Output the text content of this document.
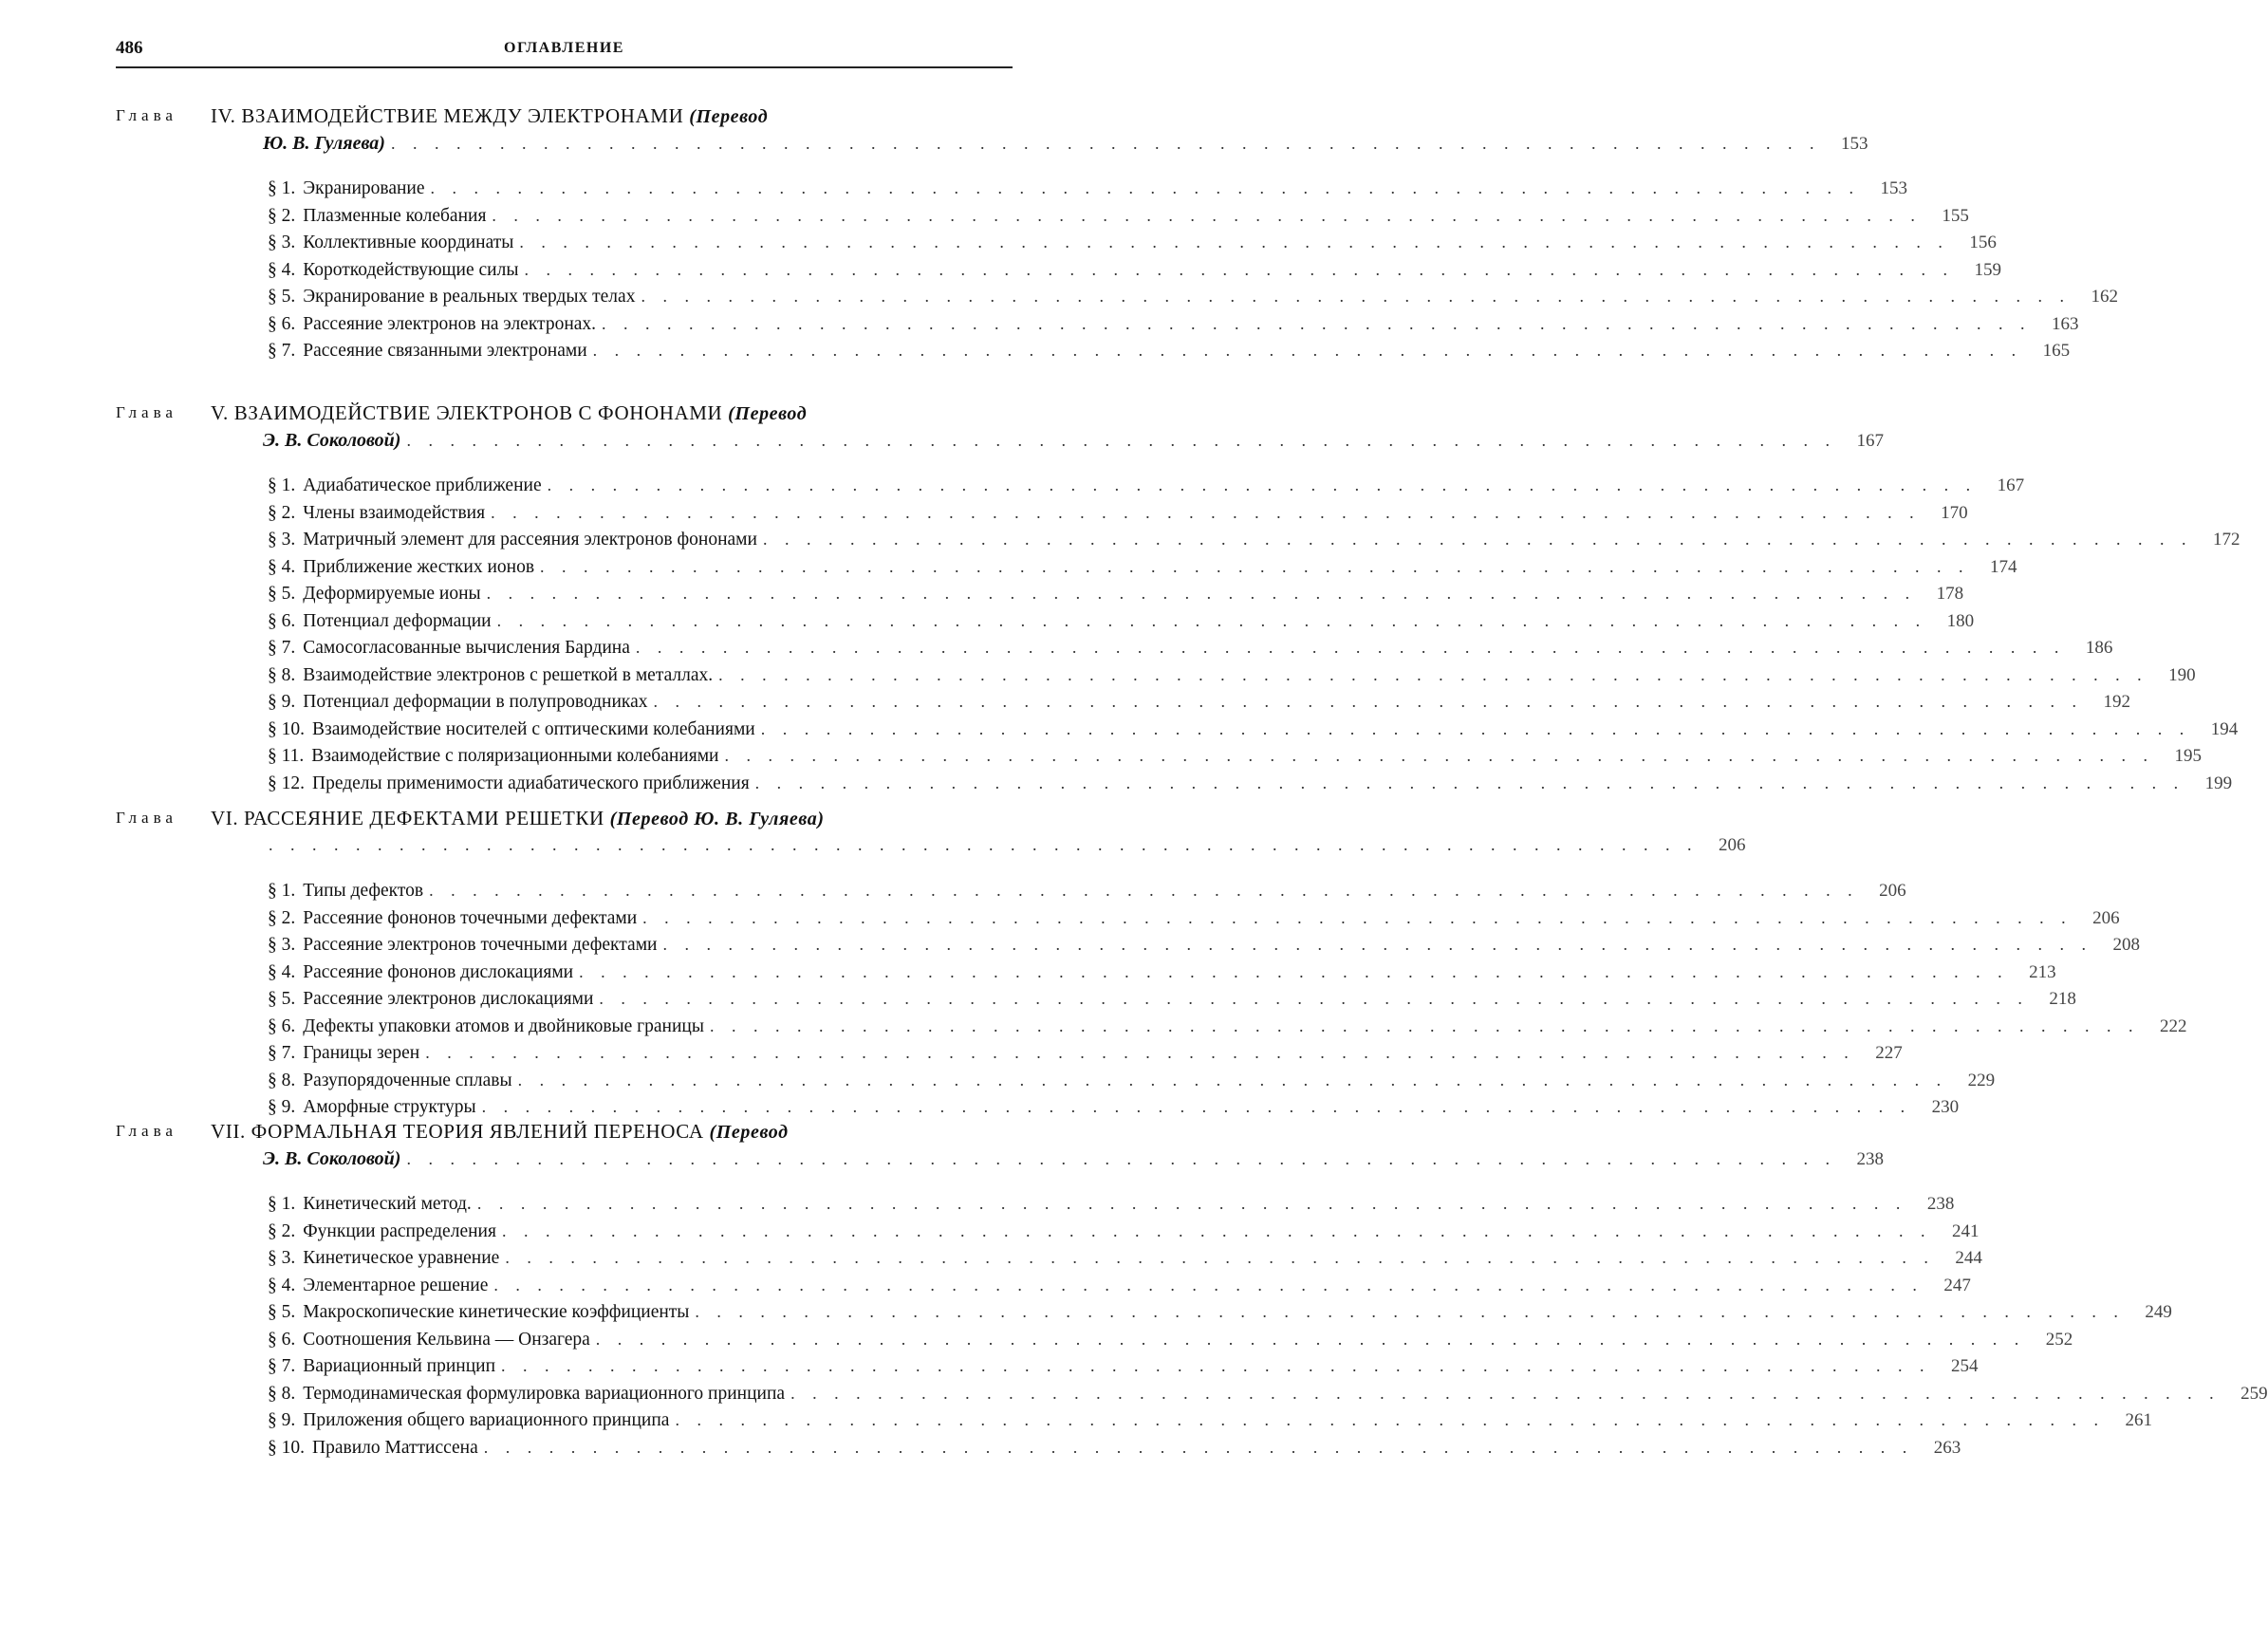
486	ОГЛАВЛЕНИЕ
Глава IV. ВЗАИМОДЕЙСТВИЕ МЕЖДУ ЭЛЕКТРОНАМИ (Перевод
Ю. В. Гуляева) . . . . . . . . . . . . . . . . . . . . . . . . . . . . . . . . . . . . . . . . . . . . . . . . . . . . . . . . . . . . . . . . . .	153
§ 1. Экранирование . . . . . . . . . . . . . . . . . . . . . . . . . . . . . . . . . . . . . . . . . . . . . . . . . . . . . . . . . . . . . . . . . .	153
§ 2. Плазменные колебания . . . . . . . . . . . . . . . . . . . . . . . . . . . . . . . . . . . . . . . . . . . . . . . . . . . . . . . . . . . . . . . . . .	155
§ 3. Коллективные координаты . . . . . . . . . . . . . . . . . . . . . . . . . . . . . . . . . . . . . . . . . . . . . . . . . . . . . . . . . . . . . . . . . .	156
§ 4. Короткодействующие силы . . . . . . . . . . . . . . . . . . . . . . . . . . . . . . . . . . . . . . . . . . . . . . . . . . . . . . . . . . . . . . . . . .	159
§ 5. Экранирование в реальных твердых телах . . . . . . . . . . . . . . . . . . . . . . . . . . . . . . . . . . . . . . . . . . . . . . . . . . . . . . . . . . . . . . . . . .	162
§ 6. Рассеяние электронов на электронах. . . . . . . . . . . . . . . . . . . . . . . . . . . . . . . . . . . . . . . . . . . . . . . . . . . . . . . . . . . . . . . . . . .	163
§ 7. Рассеяние связанными электронами . . . . . . . . . . . . . . . . . . . . . . . . . . . . . . . . . . . . . . . . . . . . . . . . . . . . . . . . . . . . . . . . . .	165
Глава V. ВЗАИМОДЕЙСТВИЕ ЭЛЕКТРОНОВ С ФОНОНАМИ (Перевод
Э. В. Соколовой) . . . . . . . . . . . . . . . . . . . . . . . . . . . . . . . . . . . . . . . . . . . . . . . . . . . . . . . . . . . . . . . . . .	167
§ 1. Адиабатическое приближение . . . . . . . . . . . . . . . . . . . . . . . . . . . . . . . . . . . . . . . . . . . . . . . . . . . . . . . . . . . . . . . . . .	167
§ 2. Члены взаимодействия . . . . . . . . . . . . . . . . . . . . . . . . . . . . . . . . . . . . . . . . . . . . . . . . . . . . . . . . . . . . . . . . . .	170
§ 3. Матричный элемент для рассеяния электронов фононами . . . . . . . . . . . . . . . . . . . . . . . . . . . . . . . . . . . . . . . . . . . . . . . . . . . . . . . . . . . . . . . . . .	172
§ 4. Приближение жестких ионов . . . . . . . . . . . . . . . . . . . . . . . . . . . . . . . . . . . . . . . . . . . . . . . . . . . . . . . . . . . . . . . . . .	174
§ 5. Деформируемые ионы . . . . . . . . . . . . . . . . . . . . . . . . . . . . . . . . . . . . . . . . . . . . . . . . . . . . . . . . . . . . . . . . . .	178
§ 6. Потенциал деформации . . . . . . . . . . . . . . . . . . . . . . . . . . . . . . . . . . . . . . . . . . . . . . . . . . . . . . . . . . . . . . . . . .	180
§ 7. Самосогласованные вычисления Бардина . . . . . . . . . . . . . . . . . . . . . . . . . . . . . . . . . . . . . . . . . . . . . . . . . . . . . . . . . . . . . . . . . .	186
§ 8. Взаимодействие электронов с решеткой в металлах. . . . . . . . . . . . . . . . . . . . . . . . . . . . . . . . . . . . . . . . . . . . . . . . . . . . . . . . . . . . . . . . . . .	190
§ 9. Потенциал деформации в полупроводниках . . . . . . . . . . . . . . . . . . . . . . . . . . . . . . . . . . . . . . . . . . . . . . . . . . . . . . . . . . . . . . . . . .	192
§ 10. Взаимодействие носителей с оптическими колебаниями . . . . . . . . . . . . . . . . . . . . . . . . . . . . . . . . . . . . . . . . . . . . . . . . . . . . . . . . . . . . . . . . . .	194
§ 11. Взаимодействие с поляризационными колебаниями . . . . . . . . . . . . . . . . . . . . . . . . . . . . . . . . . . . . . . . . . . . . . . . . . . . . . . . . . . . . . . . . . .	195
§ 12. Пределы применимости адиабатического приближения . . . . . . . . . . . . . . . . . . . . . . . . . . . . . . . . . . . . . . . . . . . . . . . . . . . . . . . . . . . . . . . . . .	199
Глава VI. РАССЕЯНИЕ ДЕФЕКТАМИ РЕШЕТКИ (Перевод Ю. В. Гуляева)
. . . . . . . . . . . . . . . . . . . . . . . . . . . . . . . . . . . . . . . . . . . . . . . . . . . . . . . . . . . . . . . . . .	206
§ 1. Типы дефектов . . . . . . . . . . . . . . . . . . . . . . . . . . . . . . . . . . . . . . . . . . . . . . . . . . . . . . . . . . . . . . . . . .	206
§ 2. Рассеяние фононов точечными дефектами . . . . . . . . . . . . . . . . . . . . . . . . . . . . . . . . . . . . . . . . . . . . . . . . . . . . . . . . . . . . . . . . . .	206
§ 3. Рассеяние электронов точечными дефектами . . . . . . . . . . . . . . . . . . . . . . . . . . . . . . . . . . . . . . . . . . . . . . . . . . . . . . . . . . . . . . . . . .	208
§ 4. Рассеяние фононов дислокациями . . . . . . . . . . . . . . . . . . . . . . . . . . . . . . . . . . . . . . . . . . . . . . . . . . . . . . . . . . . . . . . . . .	213
§ 5. Рассеяние электронов дислокациями . . . . . . . . . . . . . . . . . . . . . . . . . . . . . . . . . . . . . . . . . . . . . . . . . . . . . . . . . . . . . . . . . .	218
§ 6. Дефекты упаковки атомов и двойниковые границы . . . . . . . . . . . . . . . . . . . . . . . . . . . . . . . . . . . . . . . . . . . . . . . . . . . . . . . . . . . . . . . . . .	222
§ 7. Границы зерен . . . . . . . . . . . . . . . . . . . . . . . . . . . . . . . . . . . . . . . . . . . . . . . . . . . . . . . . . . . . . . . . . .	227
§ 8. Разупорядоченные сплавы . . . . . . . . . . . . . . . . . . . . . . . . . . . . . . . . . . . . . . . . . . . . . . . . . . . . . . . . . . . . . . . . . .	229
§ 9. Аморфные структуры . . . . . . . . . . . . . . . . . . . . . . . . . . . . . . . . . . . . . . . . . . . . . . . . . . . . . . . . . . . . . . . . . .	230
Глава VII. ФОРМАЛЬНАЯ ТЕОРИЯ ЯВЛЕНИЙ ПЕРЕНОСА (Перевод
Э. В. Соколовой) . . . . . . . . . . . . . . . . . . . . . . . . . . . . . . . . . . . . . . . . . . . . . . . . . . . . . . . . . . . . . . . . . .	238
§ 1. Кинетический метод. . . . . . . . . . . . . . . . . . . . . . . . . . . . . . . . . . . . . . . . . . . . . . . . . . . . . . . . . . . . . . . . . . .	238
§ 2. Функции распределения . . . . . . . . . . . . . . . . . . . . . . . . . . . . . . . . . . . . . . . . . . . . . . . . . . . . . . . . . . . . . . . . . .	241
§ 3. Кинетическое уравнение . . . . . . . . . . . . . . . . . . . . . . . . . . . . . . . . . . . . . . . . . . . . . . . . . . . . . . . . . . . . . . . . . .	244
§ 4. Элементарное решение . . . . . . . . . . . . . . . . . . . . . . . . . . . . . . . . . . . . . . . . . . . . . . . . . . . . . . . . . . . . . . . . . .	247
§ 5. Макроскопические кинетические коэффициенты . . . . . . . . . . . . . . . . . . . . . . . . . . . . . . . . . . . . . . . . . . . . . . . . . . . . . . . . . . . . . . . . . .	249
§ 6. Соотношения Кельвина — Онзагера . . . . . . . . . . . . . . . . . . . . . . . . . . . . . . . . . . . . . . . . . . . . . . . . . . . . . . . . . . . . . . . . . .	252
§ 7. Вариационный принцип . . . . . . . . . . . . . . . . . . . . . . . . . . . . . . . . . . . . . . . . . . . . . . . . . . . . . . . . . . . . . . . . . .	254
§ 8. Термодинамическая формулировка вариационного принципа . . . . . . . . . . . . . . . . . . . . . . . . . . . . . . . . . . . . . . . . . . . . . . . . . . . . . . . . . . . . . . . . . .	259
§ 9. Приложения общего вариационного принципа . . . . . . . . . . . . . . . . . . . . . . . . . . . . . . . . . . . . . . . . . . . . . . . . . . . . . . . . . . . . . . . . . .	261
§ 10. Правило Маттиссена . . . . . . . . . . . . . . . . . . . . . . . . . . . . . . . . . . . . . . . . . . . . . . . . . . . . . . . . . . . . . . . . . .	263
